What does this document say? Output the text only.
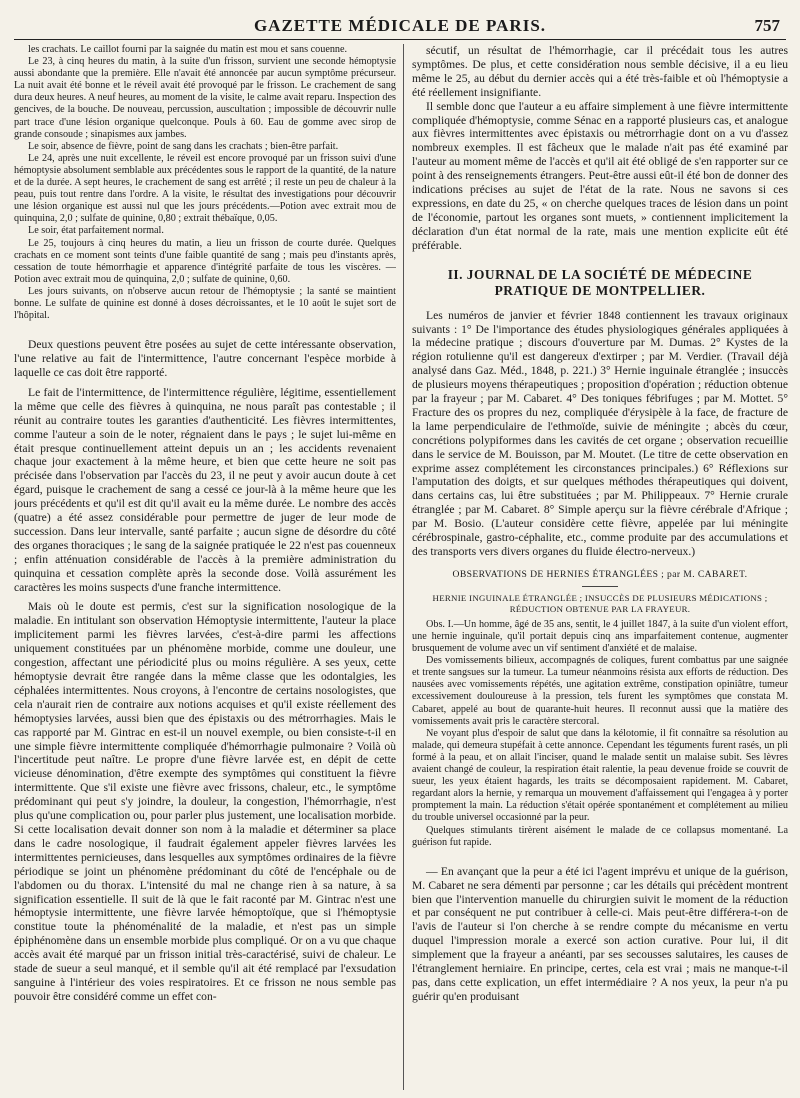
GAZETTE MÉDICALE DE PARIS.	757

les crachats. Le caillot fourni par la saignée du matin est mou et sans couenne.

Le 23, à cinq heures du matin, à la suite d'un frisson, survient une seconde hémoptysie aussi abondante que la première. Elle n'avait été annoncée par aucun symptôme précurseur. La nuit avait été bonne et le réveil avait été provoqué par le frisson. Le crachement de sang dura deux heures. A neuf heures, au moment de la visite, le calme avait reparu. Inspection des gencives, de la bouche. De nouveau, percussion, auscultation ; impossible de découvrir nulle part trace d'une lésion organique quelconque. Pouls à 60. Eau de gomme avec sirop de grande consoude ; sinapismes aux jambes.

Le soir, absence de fièvre, point de sang dans les crachats ; bien-être parfait.

Le 24, après une nuit excellente, le réveil est encore provoqué par un frisson suivi d'une hémoptysie absolument semblable aux précédentes sous le rapport de la quantité, de la nature et de la durée. A sept heures, le crachement de sang est arrêté ; il reste un peu de chaleur à la peau, puis tout rentre dans l'ordre. A la visite, le résultat des investigations pour découvrir une lésion organique est aussi nul que les jours précédents.—Potion avec extrait mou de quinquina, 2,0 ; sulfate de quinine, 0,80 ; extrait thébaïque, 0,05.

Le soir, état parfaitement normal.

Le 25, toujours à cinq heures du matin, a lieu un frisson de courte durée. Quelques crachats en ce moment sont teints d'une faible quantité de sang ; mais peu d'instants après, cessation de toute hémorrhagie et apparence d'intégrité parfaite de tous les viscères. — Potion avec extrait mou de quinquina, 2,0 ; sulfate de quinine, 0,60.

Les jours suivants, on n'observe aucun retour de l'hémoptysie ; la santé se maintient bonne. Le sulfate de quinine est donné à doses décroissantes, et le 10 août le sujet sort de l'hôpital.

Deux questions peuvent être posées au sujet de cette intéressante observation, l'une relative au fait de l'intermittence, l'autre concernant l'espèce morbide à laquelle ce cas doit être rapporté.

Le fait de l'intermittence, de l'intermittence régulière, légitime, essentiellement la même que celle des fièvres à quinquina, ne nous paraît pas contestable ; il réunit au contraire toutes les garanties d'authenticité. Les fièvres intermittentes, comme l'auteur a soin de le noter, régnaient dans le pays ; le sujet lui-même en était presque continuellement atteint depuis un an ; les accidents revenaient chaque jour exactement à la même heure, et bien que cette heure ne soit pas précisée dans l'observation par l'accès du 23, il ne peut y avoir aucun doute à cet égard, puisque le crachement de sang a cessé ce jour-là à la même heure que les jours précédents et qu'il est dit qu'il avait eu la même durée. Le nombre des accès (quatre) a été assez considérable pour permettre de juger de leur mode de succession. Dans leur intervalle, santé parfaite ; aucun signe de désordre du côté des organes thoraciques ; le sang de la saignée pratiquée le 22 n'est pas couenneux ; enfin atténuation considérable de l'accès à la première administration du quinquina et cessation complète après la seconde dose. Voilà assurément les caractères les moins suspects d'une franche intermittence.

Mais où le doute est permis, c'est sur la signification nosologique de la maladie. En intitulant son observation Hémoptysie intermittente, l'auteur la place implicitement parmi les fièvres larvées, c'est-à-dire parmi les affections uniquement constituées par un phénomène morbide, comme une douleur, une congestion, affectant une périodicité plus ou moins régulière. A ses yeux, cette hémoptysie devrait être rangée dans la même classe que les odontalgies, les céphalées intermittentes. Nous croyons, à l'encontre de certains nosologistes, que cela n'aurait rien de contraire aux notions acquises et qu'il existe réellement des hémoptysies larvées, aussi bien que des épistaxis ou des métrorrhagies. Mais le cas rapporté par M. Gintrac en est-il un nouvel exemple, ou bien consiste-t-il en une simple fièvre intermittente compliquée d'hémorrhagie pulmonaire ? Voilà où l'incertitude peut naître. Le propre d'une fièvre larvée est, en dépit de cette vicieuse dénomination, d'être exempte des symptômes qui constituent la fièvre intermittente. Que s'il existe une fièvre avec frissons, chaleur, etc., le symptôme prédominant qui peut s'y joindre, la douleur, la congestion, l'hémorrhagie, n'est plus qu'une complication ou, pour parler plus justement, une localisation morbide. Si cette localisation devait donner son nom à la maladie et déterminer sa place dans le cadre nosologique, il faudrait également appeler fièvres larvées les intermittentes pernicieuses, dans lesquelles aux symptômes ordinaires de la fièvre périodique se joint un phénomène prédominant du côté de l'encéphale ou de l'abdomen ou du thorax. L'intensité du mal ne change rien à sa nature, à sa signification essentielle. Il suit de là que le fait raconté par M. Gintrac n'est une hémoptysie intermittente, une fièvre larvée hémoptoïque, que si l'hémoptysie constitue toute la phénoménalité de la maladie, et n'est pas un simple épiphénomène dans un ensemble morbide plus compliqué. Or on a vu que chaque accès avait été marqué par un frisson initial très-caractérisé, suivi de chaleur. Le stade de sueur a seul manqué, et il semble qu'il ait été remplacé par l'exsudation sanguine à l'intérieur des voies respiratoires. Et ce frisson ne nous semble pas pouvoir être considéré comme un effet con-

sécutif, un résultat de l'hémorrhagie, car il précédait tous les autres symptômes. De plus, et cette considération nous semble décisive, il a eu lieu même le 25, au début du dernier accès qui a été très-faible et où l'hémoptysie a été réellement insignifiante.

Il semble donc que l'auteur a eu affaire simplement à une fièvre intermittente compliquée d'hémoptysie, comme Sénac en a rapporté plusieurs cas, et analogue aux fièvres intermittentes avec épistaxis ou métrorrhagie dont on a vu d'assez nombreux exemples. Il est fâcheux que le malade n'ait pas été examiné par l'auteur au moment même de l'accès et qu'il ait été obligé de s'en rapporter sur ce point à des renseignements étrangers. Peut-être aussi eût-il été bon de donner des indications précises au sujet de l'état de la rate. Nous ne savons si ces expressions, en date du 25, « on cherche quelques traces de lésion dans un point de l'économie, partout les organes sont muets, » contiennent implicitement la déclaration d'un état normal de la rate, mais une mention explicite eût été préférable.

II. JOURNAL DE LA SOCIÉTÉ DE MÉDECINE PRATIQUE DE MONTPELLIER.

Les numéros de janvier et février 1848 contiennent les travaux originaux suivants : 1° De l'importance des études physiologiques générales appliquées à la médecine pratique ; discours d'ouverture par M. Dumas. 2° Kystes de la région rotulienne qu'il est dangereux d'extirper ; par M. Verdier. (Travail déjà analysé dans Gaz. Méd., 1848, p. 221.) 3° Hernie inguinale étranglée ; insuccès de plusieurs moyens thérapeutiques ; proposition d'opération ; réduction obtenue par la frayeur ; par M. Cabaret. 4° Des toniques fébrifuges ; par M. Mottet. 5° Fracture des os propres du nez, compliquée d'érysipèle à la face, de fracture de la lame perpendiculaire de l'ethmoïde, suivie de méningite ; abcès du cœur, concrétions polypiformes dans les cavités de cet organe ; observation recueillie dans le service de M. Bouisson, par M. Moutet. (Le titre de cette observation en exprime assez complétement les circonstances principales.) 6° Réflexions sur l'amputation des doigts, et sur quelques méthodes thérapeutiques qui doivent, dans certains cas, lui être substituées ; par M. Philippeaux. 7° Hernie crurale étranglée ; par M. Cabaret. 8° Simple aperçu sur la fièvre cérébrale d'Afrique ; par M. Bosio. (L'auteur considère cette fièvre, appelée par lui méningite cérébrospinale, gastro-céphalite, etc., comme produite par des accumulations et des transports vers divers organes du fluide électro-nerveux.)

OBSERVATIONS DE HERNIES ÉTRANGLÉES ; par M. CABARET.
HERNIE INGUINALE ÉTRANGLÉE ; INSUCCÈS DE PLUSIEURS MÉDICATIONS ; RÉDUCTION OBTENUE PAR LA FRAYEUR.

Obs. I.—Un homme, âgé de 35 ans, sentit, le 4 juillet 1847, à la suite d'un violent effort, une hernie inguinale, qu'il portait depuis cinq ans imparfaitement contenue, augmenter brusquement de volume avec un vif sentiment d'anxiété et de malaise.

Des vomissements bilieux, accompagnés de coliques, furent combattus par une saignée et trente sangsues sur la tumeur. La tumeur néanmoins résista aux efforts de réduction. Des nausées avec vomissements répétés, une agitation extrême, constipation opiniâtre, tumeur excessivement douloureuse à la pression, tels furent les symptômes que constata M. Cabaret, appelé au bout de quarante-huit heures. Il reconnut aussi que la matière des vomissements avait pris le caractère stercoral.

Ne voyant plus d'espoir de salut que dans la kélotomie, il fit connaître sa résolution au malade, qui demeura stupéfait à cette annonce. Cependant les téguments furent rasés, un pli formé à la peau, et on allait l'inciser, quand le malade sentit un malaise subit. Ses lèvres avaient changé de couleur, la respiration était ralentie, la peau devenue froide se couvrit de sueur, les yeux étaient hagards, les traits se décomposaient rapidement. M. Cabaret, regardant alors la hernie, y remarqua un mouvement d'affaissement qui l'engagea à y porter promptement la main. La réduction s'était opérée spontanément et complétement au milieu du trouble universel occasionné par la peur.

Quelques stimulants tirèrent aisément le malade de ce collapsus momentané. La guérison fut rapide.

— En avançant que la peur a été ici l'agent imprévu et unique de la guérison, M. Cabaret ne sera démenti par personne ; car les détails qui précèdent montrent bien que l'intervention manuelle du chirurgien suivit le moment de la réduction et par conséquent ne put contribuer à celle-ci. Mais peut-être différera-t-on de l'avis de l'auteur si l'on cherche à se rendre compte du mécanisme en vertu duquel l'impression morale a exercé son action curative. Pour lui, il dit simplement que la frayeur a anéanti, par ses secousses salutaires, les causes de l'étranglement herniaire. En principe, certes, cela est vrai ; mais ne manque-t-il pas, dans cette explication, un effet intermédiaire ? A nos yeux, la peur n'a pu guérir qu'en produisant
